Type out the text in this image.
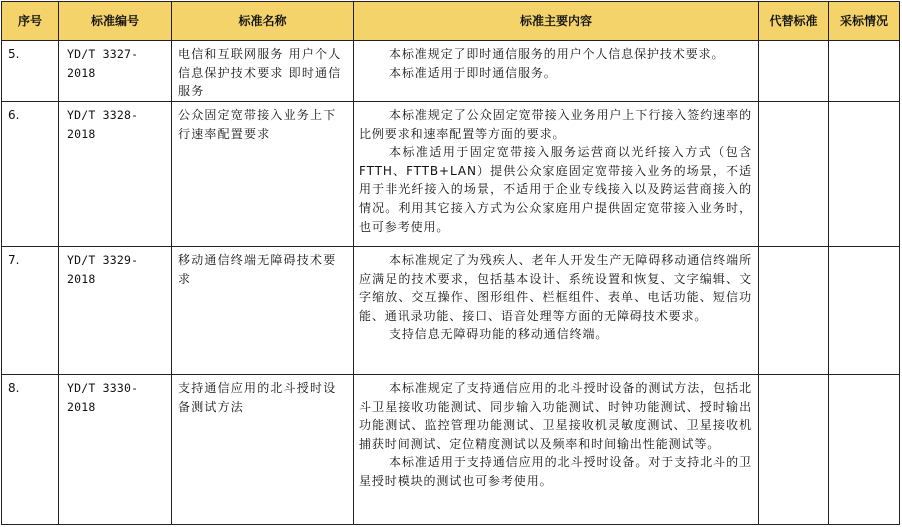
序号	标准编号	标准名称	标准主要内容	代替标准	采标情况
5.	YD/T 3327-2018	电信和互联网服务 用户个人信息保护技术要求 即时通信服务	本标准规定了即时通信服务的用户个人信息保护技术要求。

本标准适用于即时通信服务。		

6.	YD/T 3328-2018	公众固定宽带接入业务上下行速率配置要求	本标准规定了公众固定宽带接入业务用户上下行接入签约速率的比例要求和速率配置等方面的要求。

本标准适用于固定宽带接入服务运营商以光纤接入方式（包含 FTTH、FTTB+LAN）提供公众家庭固定宽带接入业务的场景，不适用于非光纤接入的场景，不适用于企业专线接入以及跨运营商接入的情况。利用其它接入方式为公众家庭用户提供固定宽带接入业务时，也可参考使用。		

7.	YD/T 3329-2018	移动通信终端无障碍技术要求	本标准规定了为残疾人、老年人开发生产无障碍移动通信终端所应满足的技术要求，包括基本设计、系统设置和恢复、文字编辑、文字缩放、交互操作、图形组件、栏框组件、表单、电话功能、短信功能、通讯录功能、接口、语音处理等方面的无障碍技术要求。

支持信息无障碍功能的移动通信终端。		

8.	YD/T 3330-2018	支持通信应用的北斗授时设备测试方法	本标准规定了支持通信应用的北斗授时设备的测试方法，包括北斗卫星接收功能测试、同步输入功能测试、时钟功能测试、授时输出功能测试、监控管理功能测试、卫星接收机灵敏度测试、卫星接收机捕获时间测试、定位精度测试以及频率和时间输出性能测试等。

本标准适用于支持通信应用的北斗授时设备。对于支持北斗的卫星授时模块的测试也可参考使用。		
